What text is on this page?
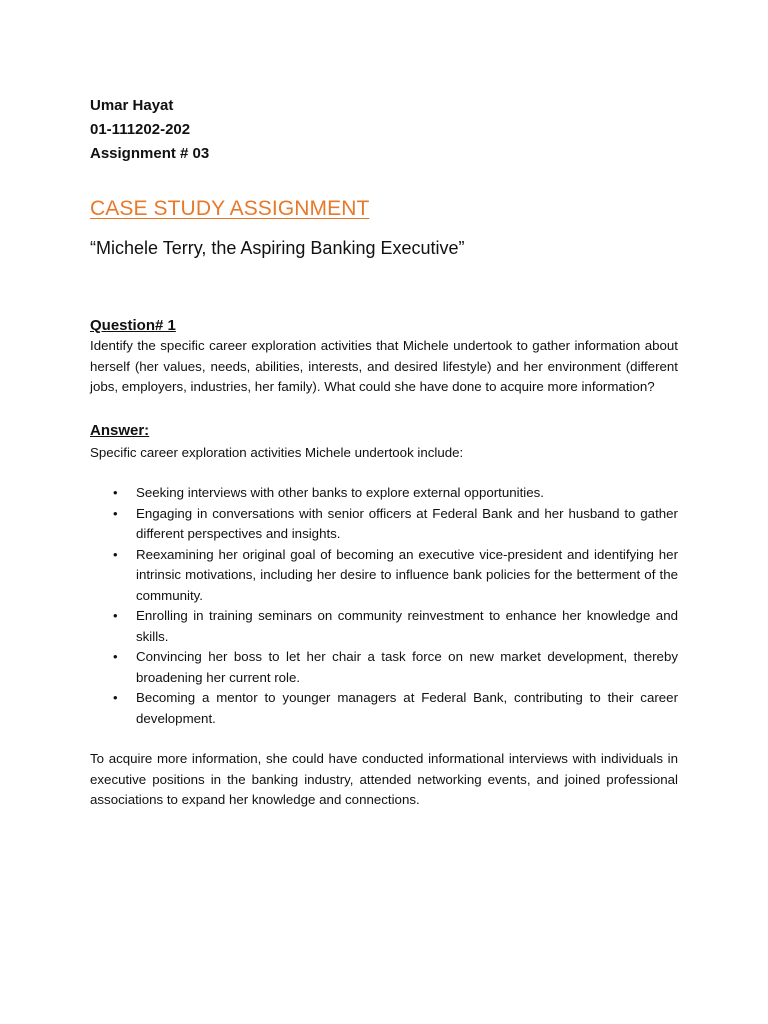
Umar Hayat

01-111202-202

Assignment # 03

CASE STUDY ASSIGNMENT
“Michele Terry, the Aspiring Banking Executive”

Question# 1

Identify the specific career exploration activities that Michele undertook to gather information about herself (her values, needs, abilities, interests, and desired lifestyle) and her environment (different jobs, employers, industries, her family). What could she have done to acquire more information?

Answer:

Specific career exploration activities Michele undertook include:

• Seeking interviews with other banks to explore external opportunities.
• Engaging in conversations with senior officers at Federal Bank and her husband to gather different perspectives and insights.
• Reexamining her original goal of becoming an executive vice-president and identifying her intrinsic motivations, including her desire to influence bank policies for the betterment of the community.
• Enrolling in training seminars on community reinvestment to enhance her knowledge and skills.
• Convincing her boss to let her chair a task force on new market development, thereby broadening her current role.
• Becoming a mentor to younger managers at Federal Bank, contributing to their career development.

To acquire more information, she could have conducted informational interviews with individuals in executive positions in the banking industry, attended networking events, and joined professional associations to expand her knowledge and connections.
